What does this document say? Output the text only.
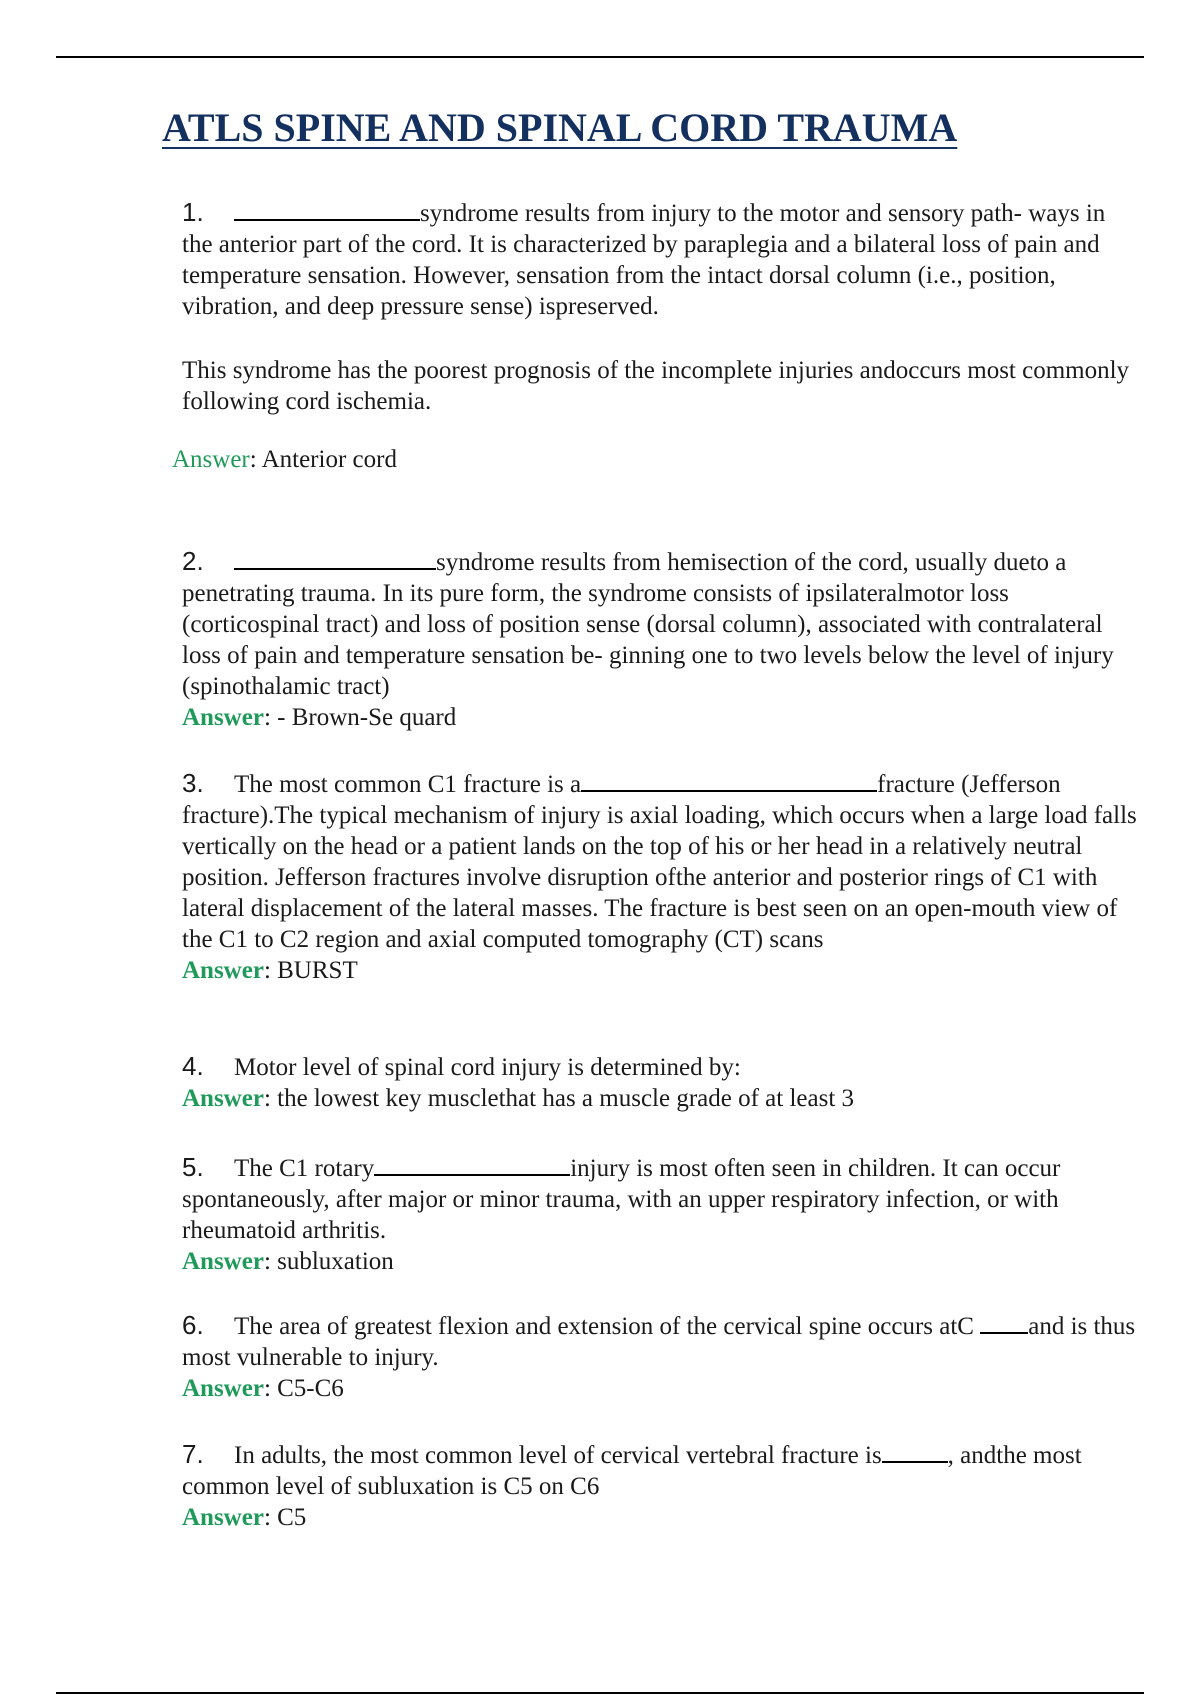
ATLS SPINE AND SPINAL CORD TRAUMA

1.	syndrome results from injury to the motor and sensory path- ways in the anterior part of the cord. It is characterized by paraplegia and a bilateral loss of pain and temperature sensation. However, sensation from the intact dorsal column (i.e., position, vibration, and deep pressure sense) ispreserved.

This syndrome has the poorest prognosis of the incomplete injuries andoccurs most commonly following cord ischemia.

Answer: Anterior cord

2.	syndrome results from hemisection of the cord, usually dueto a penetrating trauma. In its pure form, the syndrome consists of ipsilateralmotor loss (corticospinal tract) and loss of position sense (dorsal column), associated with contralateral loss of pain and temperature sensation be- ginning one to two levels below the level of injury (spinothalamic tract)

Answer: - Brown-Se quard

3. The most common C1 fracture is a	fracture (Jefferson fracture).The typical mechanism of injury is axial loading, which occurs when a large load falls vertically on the head or a patient lands on the top of his or her head in a relatively neutral position. Jefferson fractures involve disruption ofthe anterior and posterior rings of C1 with lateral displacement of the lateral masses. The fracture is best seen on an open-mouth view of the C1 to C2 region and axial computed tomography (CT) scans

Answer: BURST

4. Motor level of spinal cord injury is determined by:

Answer: the lowest key musclethat has a muscle grade of at least 3

5. The C1 rotary	injury is most often seen in children. It can occur spontaneously, after major or minor trauma, with an upper respiratory infection, or with rheumatoid arthritis.

Answer: subluxation

6. The area of greatest flexion and extension of the cervical spine occurs atC and is thus most vulnerable to injury.

Answer: C5-C6

7. In adults, the most common level of cervical vertebral fracture is	, andthe most common level of subluxation is C5 on C6

Answer: C5
